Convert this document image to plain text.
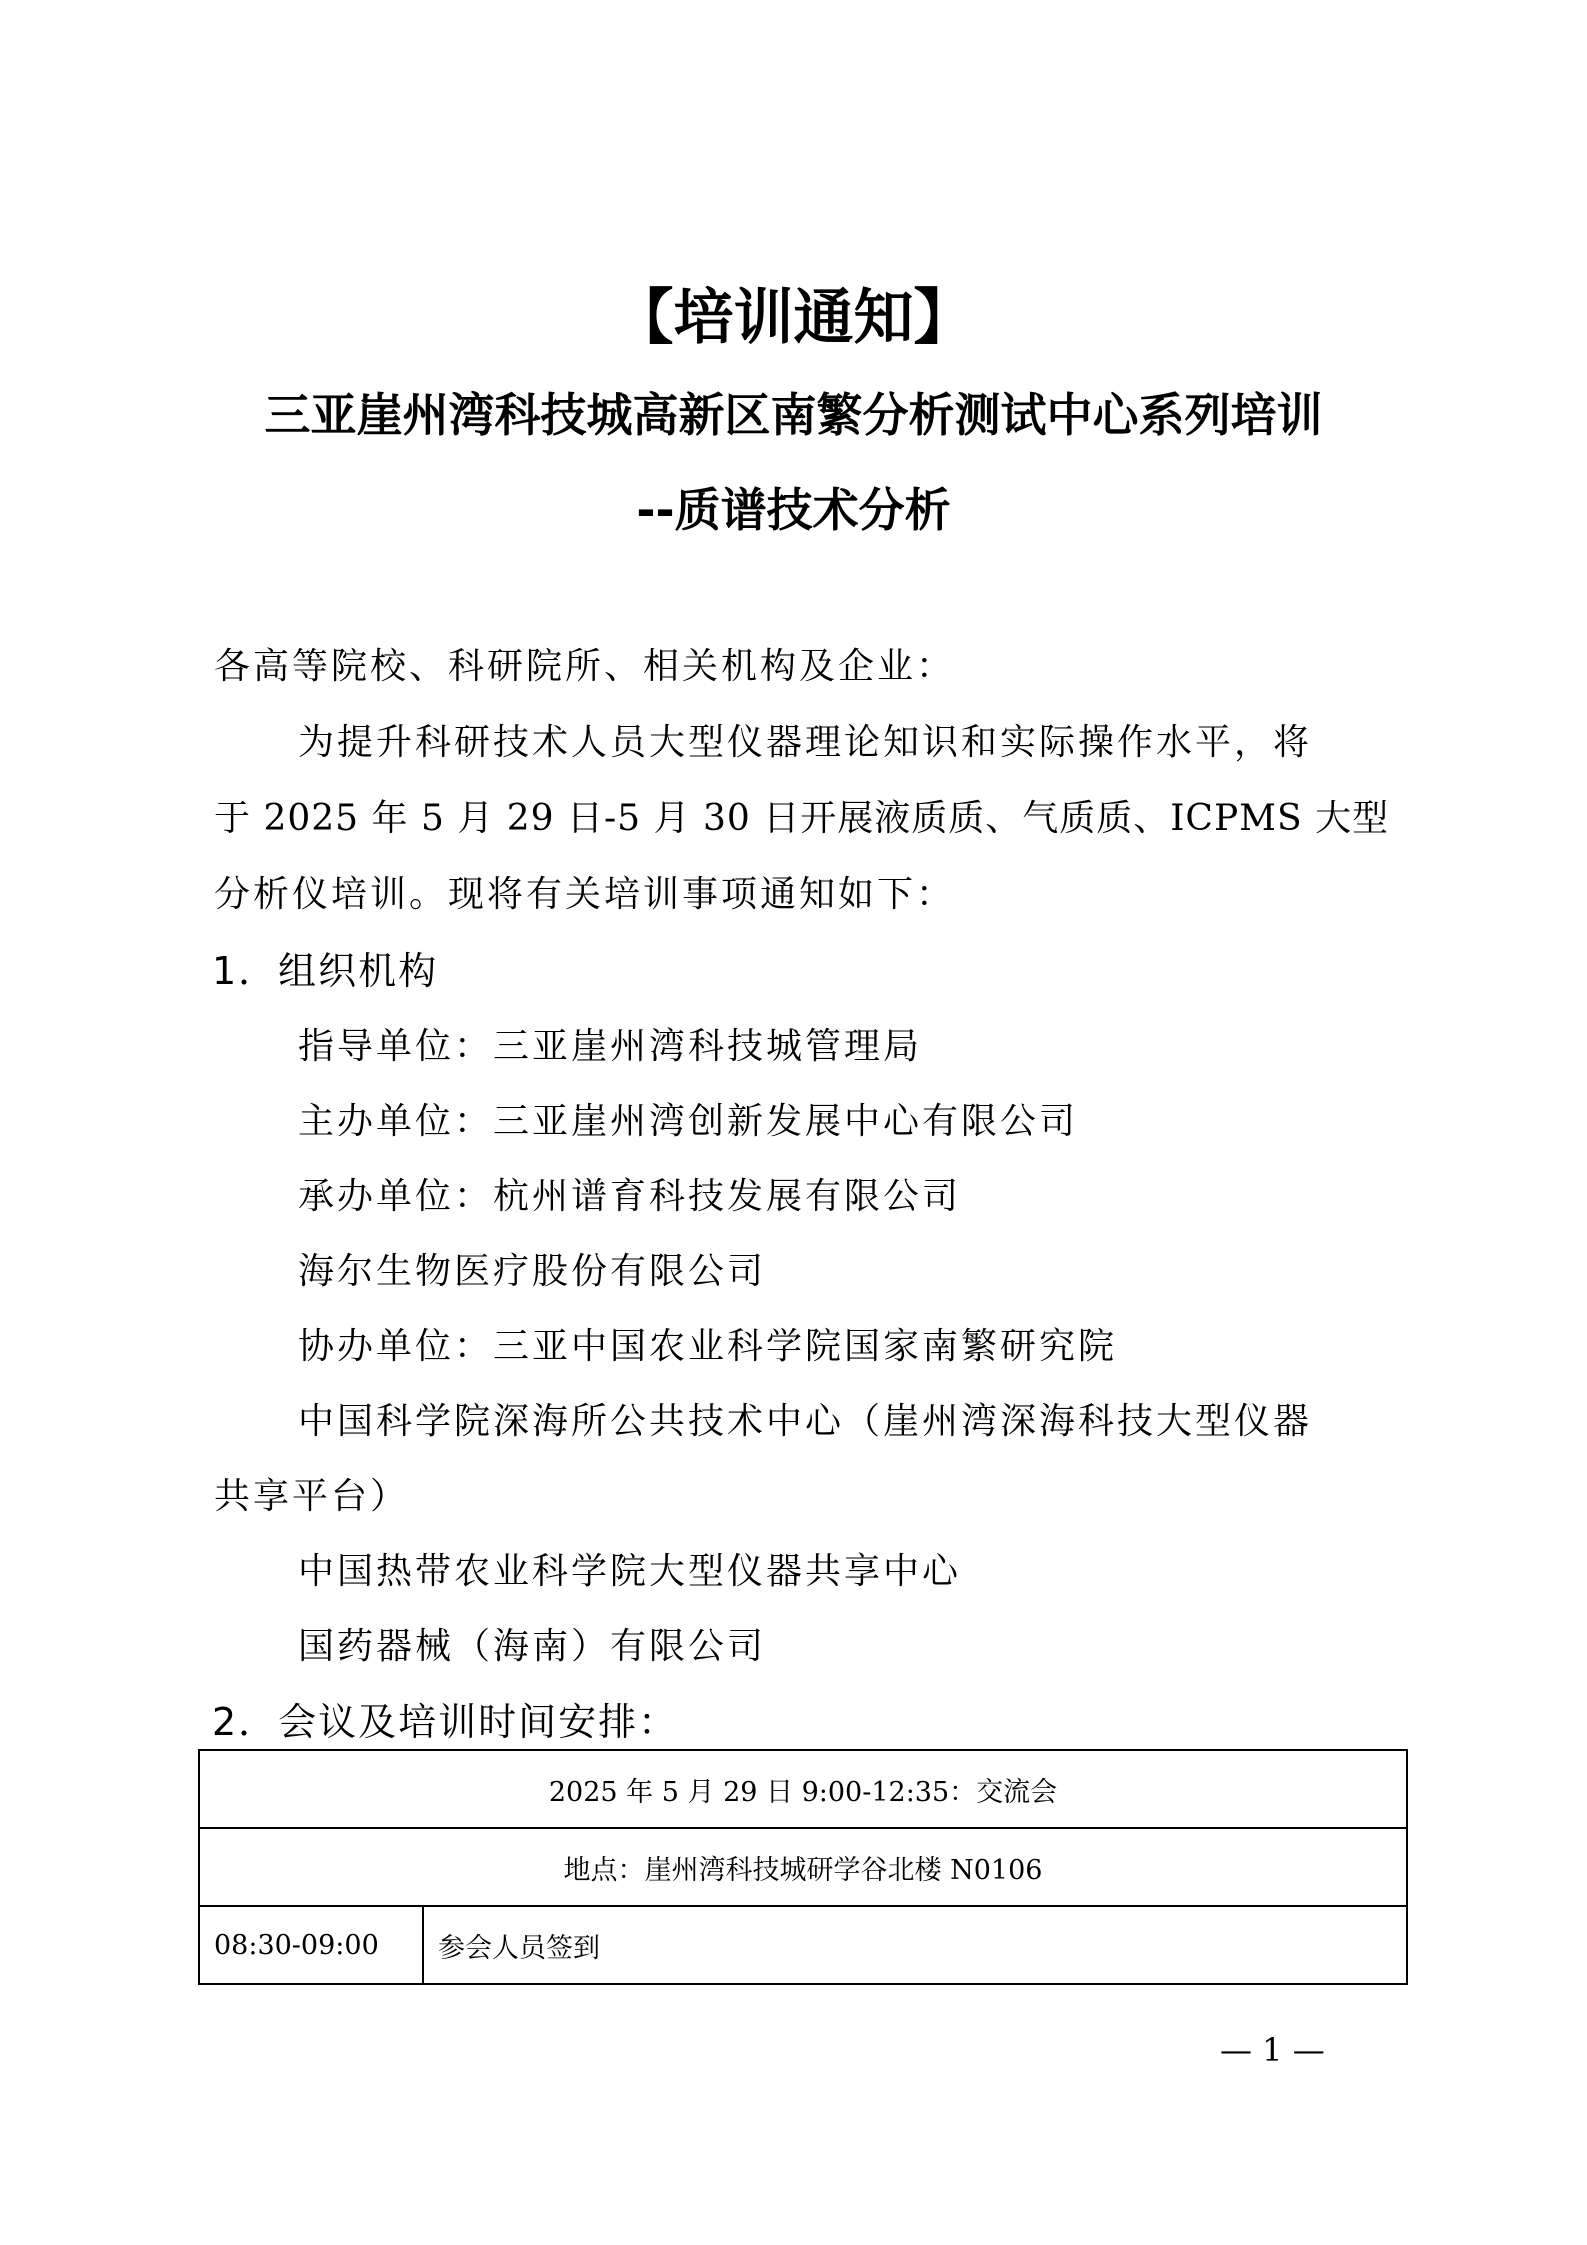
【培训通知】
三亚崖州湾科技城高新区南繁分析测试中心系列培训
--质谱技术分析
各高等院校、科研院所、相关机构及企业：
为提升科研技术人员大型仪器理论知识和实际操作水平，将
于 2025 年 5 月 29 日-5 月 30 日开展液质质、气质质、ICPMS 大型
分析仪培训。现将有关培训事项通知如下：
1．组织机构
指导单位：三亚崖州湾科技城管理局
主办单位：三亚崖州湾创新发展中心有限公司
承办单位：杭州谱育科技发展有限公司
海尔生物医疗股份有限公司
协办单位：三亚中国农业科学院国家南繁研究院
中国科学院深海所公共技术中心（崖州湾深海科技大型仪器
共享平台）
中国热带农业科学院大型仪器共享中心
国药器械（海南）有限公司
2．会议及培训时间安排：
2025 年 5 月 29 日 9:00-12:35：交流会
地点：崖州湾科技城研学谷北楼 N0106
08:30-09:00	参会人员签到
— 1 —
